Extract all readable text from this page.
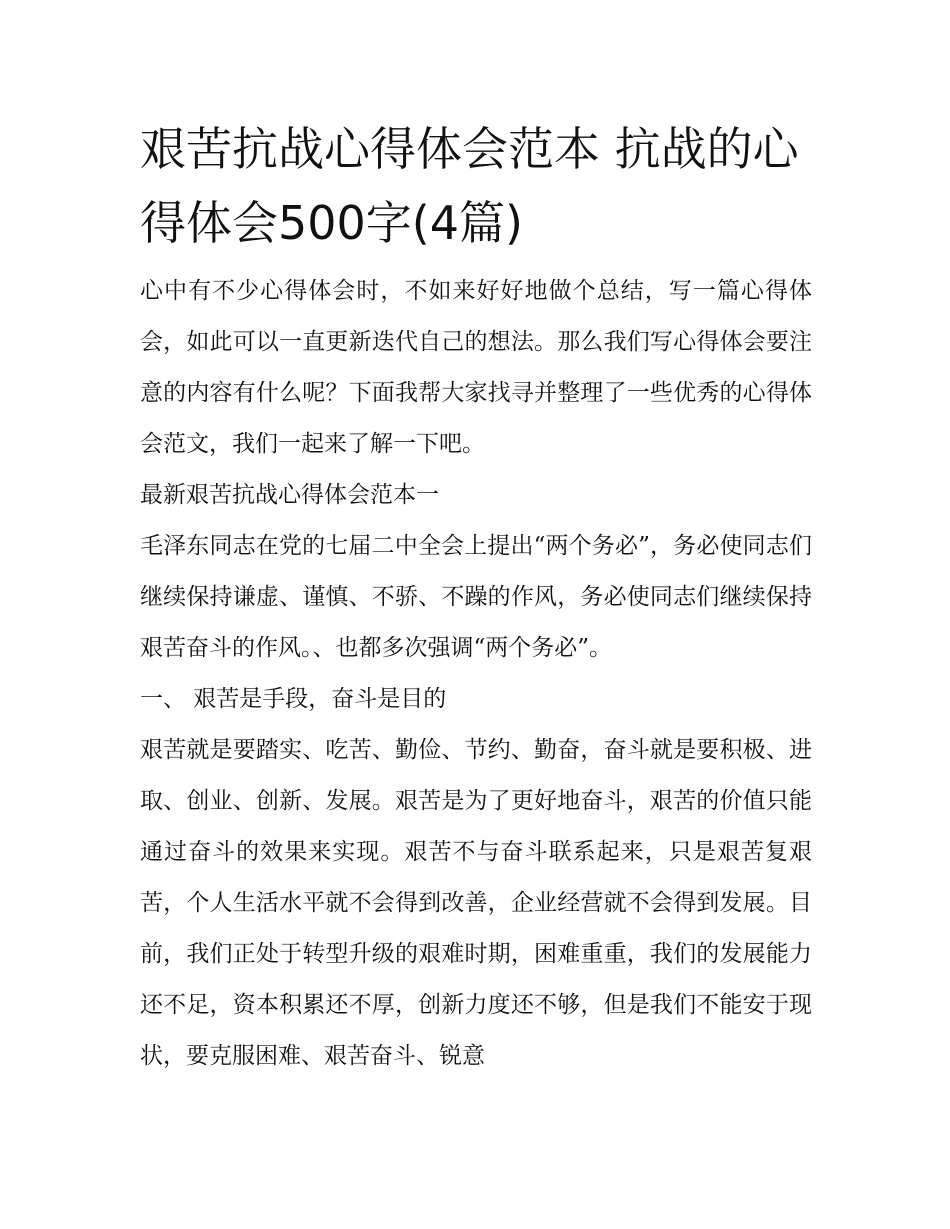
艰苦抗战心得体会范本 抗战的心得体会500字(4篇)

心中有不少心得体会时，不如来好好地做个总结，写一篇心得体会，如此可以一直更新迭代自己的想法。那么我们写心得体会要注意的内容有什么呢？下面我帮大家找寻并整理了一些优秀的心得体会范文，我们一起来了解一下吧。

最新艰苦抗战心得体会范本一

毛泽东同志在党的七届二中全会上提出“两个务必”，务必使同志们继续保持谦虚、谨慎、不骄、不躁的作风，务必使同志们继续保持艰苦奋斗的作风。、也都多次强调“两个务必”。

一、 艰苦是手段，奋斗是目的

艰苦就是要踏实、吃苦、勤俭、节约、勤奋，奋斗就是要积极、进取、创业、创新、发展。艰苦是为了更好地奋斗，艰苦的价值只能通过奋斗的效果来实现。艰苦不与奋斗联系起来，只是艰苦复艰苦，个人生活水平就不会得到改善，企业经营就不会得到发展。目前，我们正处于转型升级的艰难时期，困难重重，我们的发展能力还不足，资本积累还不厚，创新力度还不够，但是我们不能安于现状，要克服困难、艰苦奋斗、锐意
